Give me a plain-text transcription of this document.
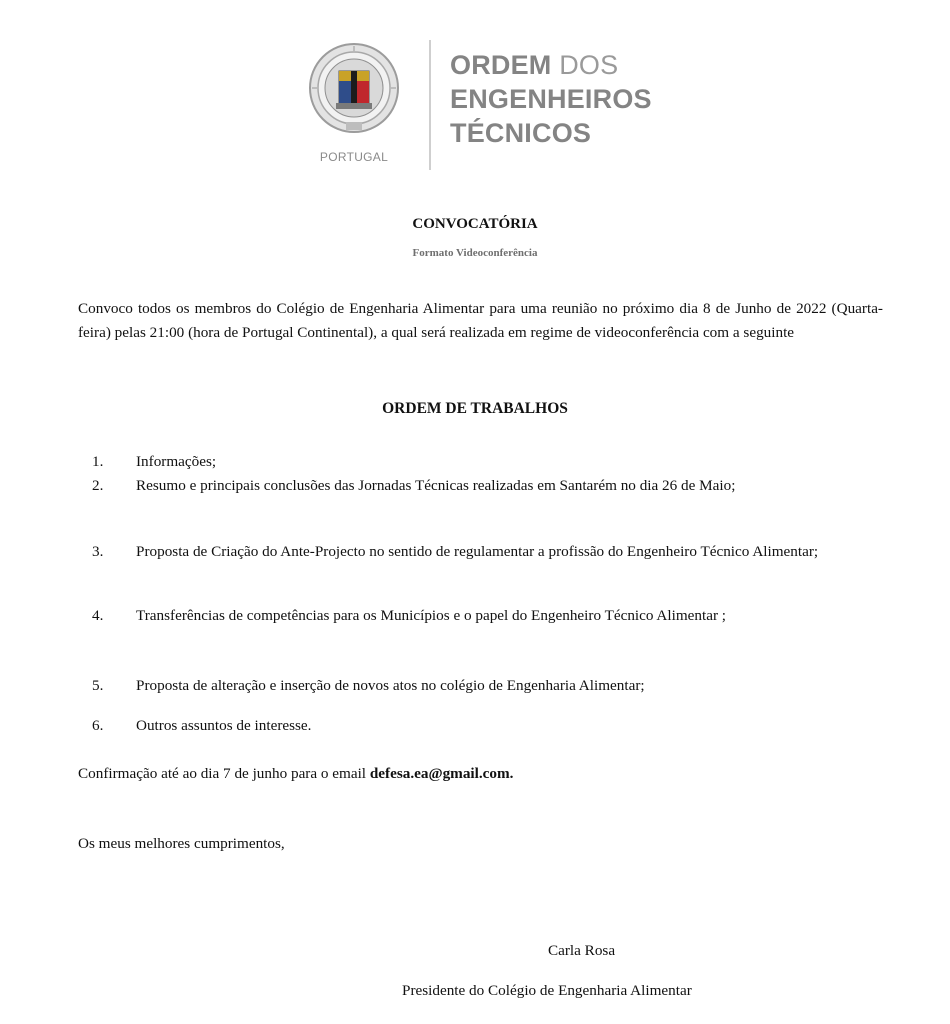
PORTUGAL
ORDEM DOS
ENGENHEIROS
TÉCNICOS
CONVOCATÓRIA
Formato Videoconferência

Convoco todos os membros do Colégio de Engenharia Alimentar para uma reunião no próximo dia 8 de Junho de 2022 (Quarta-feira) pelas 21:00 (hora de Portugal Continental), a qual será realizada em regime de videoconferência com a seguinte

ORDEM DE TRABALHOS
1.	Informações;
2.	Resumo e principais conclusões das Jornadas Técnicas realizadas em Santarém no dia 26 de Maio;
3.	Proposta de Criação do Ante-Projecto no sentido de regulamentar a profissão do Engenheiro Técnico Alimentar;
4.	Transferências de competências para os Municípios e o papel do Engenheiro Técnico Alimentar ;
5.	Proposta de alteração e inserção de novos atos no colégio de Engenharia Alimentar;
6.	Outros assuntos de interesse.
Confirmação até ao dia 7 de junho para o email defesa.ea@gmail.com.
Os meus melhores cumprimentos,
Carla Rosa
Presidente do Colégio de Engenharia Alimentar
